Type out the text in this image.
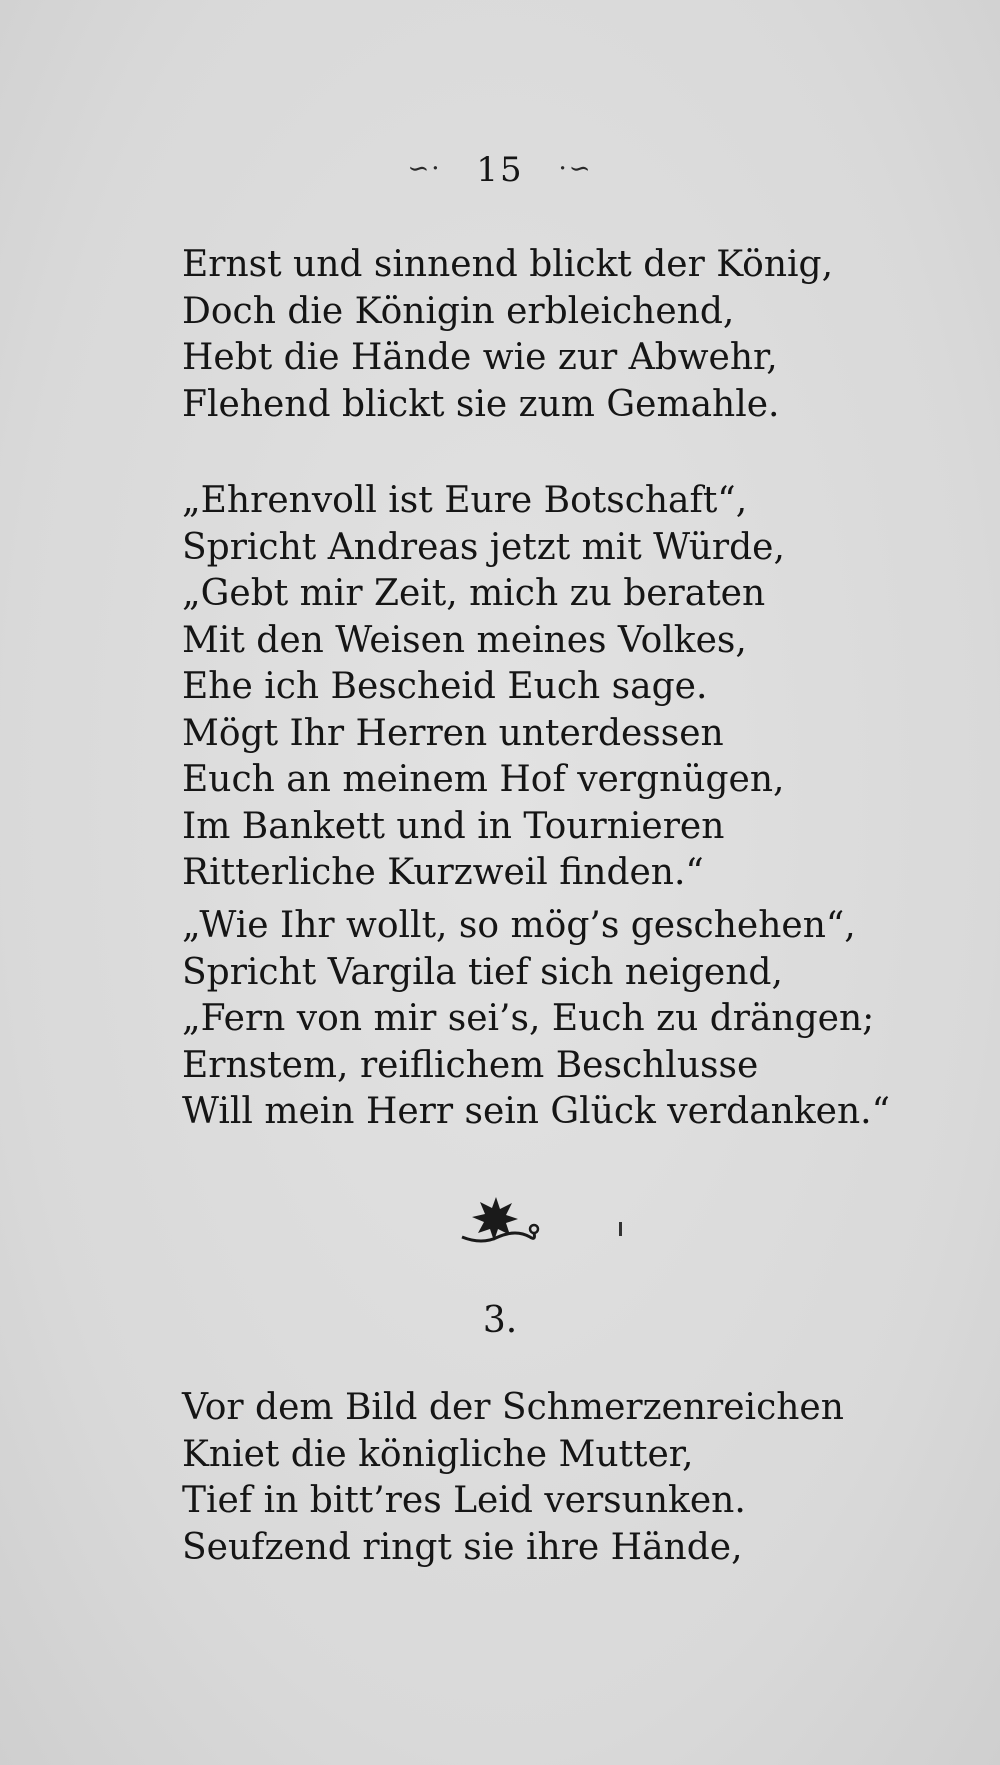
∽· 15 ·∽
Ernst und sinnend blickt der König,
Doch die Königin erbleichend,
Hebt die Hände wie zur Abwehr,
Flehend blickt sie zum Gemahle.
„Ehrenvoll ist Eure Botschaft“,
Spricht Andreas jetzt mit Würde,
„Gebt mir Zeit, mich zu beraten
Mit den Weisen meines Volkes,
Ehe ich Bescheid Euch sage.
Mögt Ihr Herren unterdessen
Euch an meinem Hof vergnügen,
Im Bankett und in Tournieren
Ritterliche Kurzweil finden.“
„Wie Ihr wollt, so mög’s geschehen“,
Spricht Vargila tief sich neigend,
„Fern von mir sei’s, Euch zu drängen;
Ernstem, reiflichem Beschlusse
Will mein Herr sein Glück verdanken.“
3.
Vor dem Bild der Schmerzenreichen
Kniet die königliche Mutter,
Tief in bitt’res Leid versunken.
Seufzend ringt sie ihre Hände,
